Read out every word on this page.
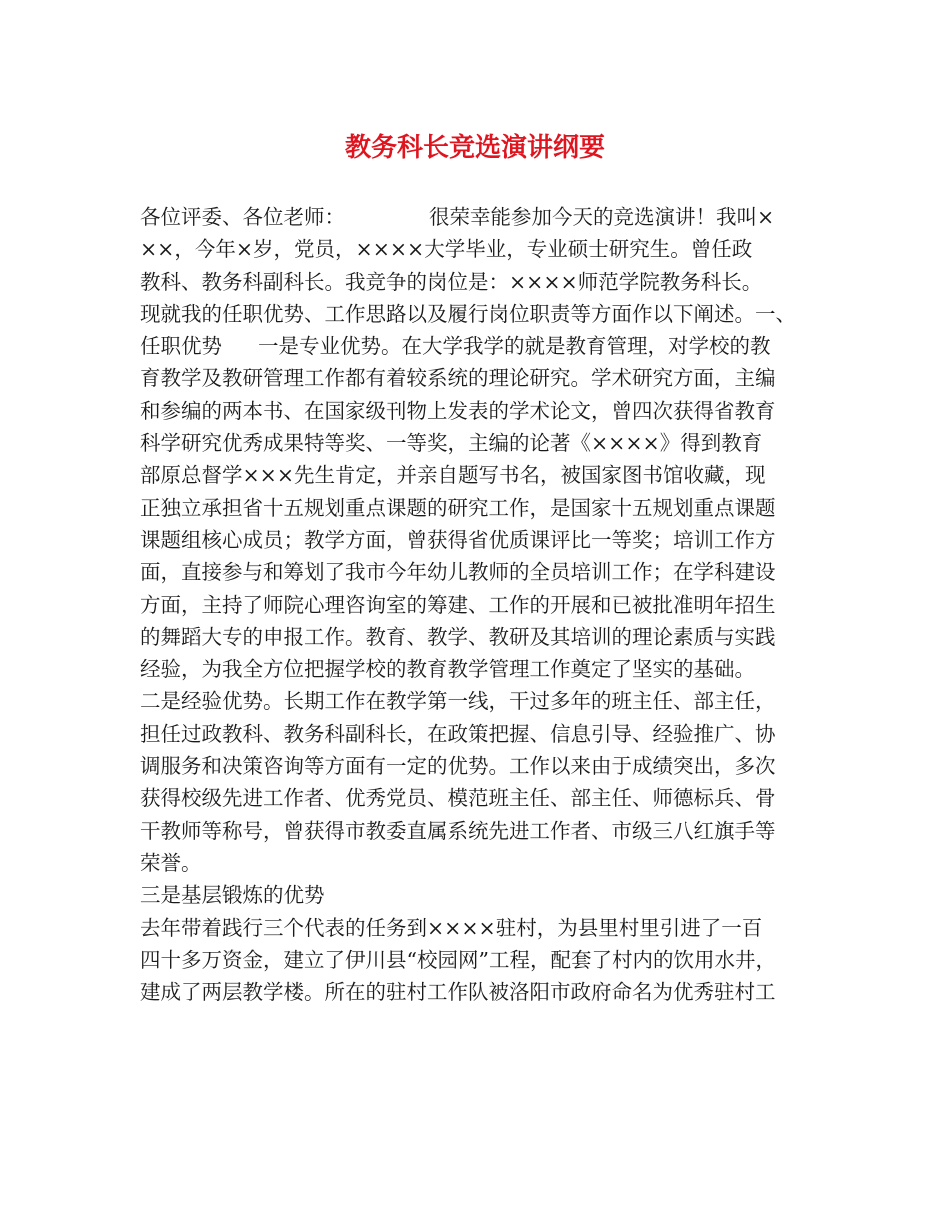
教务科长竞选演讲纲要
各位评委、各位老师：	很荣幸能参加今天的竞选演讲！我叫×
××，今年×岁，党员，××××大学毕业，专业硕士研究生。曾任政
教科、教务科副科长。我竞争的岗位是：××××师范学院教务科长。
现就我的任职优势、工作思路以及履行岗位职责等方面作以下阐述。一、
任职优势 一是专业优势。在大学我学的就是教育管理，对学校的教
育教学及教研管理工作都有着较系统的理论研究。学术研究方面，主编
和参编的两本书、在国家级刊物上发表的学术论文，曾四次获得省教育
科学研究优秀成果特等奖、一等奖，主编的论著《××××》得到教育
部原总督学×××先生肯定，并亲自题写书名，被国家图书馆收藏，现
正独立承担省十五规划重点课题的研究工作，是国家十五规划重点课题
课题组核心成员；教学方面，曾获得省优质课评比一等奖；培训工作方
面，直接参与和筹划了我市今年幼儿教师的全员培训工作；在学科建设
方面，主持了师院心理咨询室的筹建、工作的开展和已被批准明年招生
的舞蹈大专的申报工作。教育、教学、教研及其培训的理论素质与实践
经验，为我全方位把握学校的教育教学管理工作奠定了坚实的基础。
二是经验优势。长期工作在教学第一线，干过多年的班主任、部主任，
担任过政教科、教务科副科长，在政策把握、信息引导、经验推广、协
调服务和决策咨询等方面有一定的优势。工作以来由于成绩突出，多次
获得校级先进工作者、优秀党员、模范班主任、部主任、师德标兵、骨
干教师等称号，曾获得市教委直属系统先进工作者、市级三八红旗手等
荣誉。
三是基层锻炼的优势
去年带着践行三个代表的任务到××××驻村，为县里村里引进了一百
四十多万资金，建立了伊川县“校园网”工程，配套了村内的饮用水井，
建成了两层教学楼。所在的驻村工作队被洛阳市政府命名为优秀驻村工
